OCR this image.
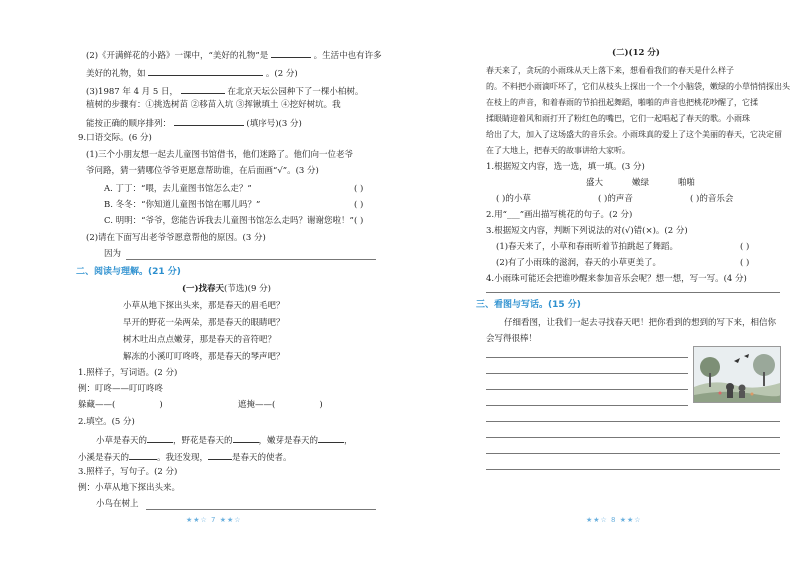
(2)《开满鲜花的小路》一课中，“美好的礼物”是	。生活中也有许多
美好的礼物，如	。(2 分)
(3)1987 年 4 月 5 日，	在北京天坛公园种下了一棵小柏树。
植树的步骤有：①挑选树苗 ②移苗入坑 ③挥锹填土 ④挖好树坑。我
能按正确的顺序排列：	(填序号)(3 分)
9.口语交际。(6 分)
(1)三个小朋友想一起去儿童图书馆借书，他们迷路了。他们向一位老爷
爷问路，猜一猜哪位爷爷更愿意帮助谁，在后面画“√”。(3 分)
A. 丁丁：“喂，去儿童图书馆怎么走？”	( )
B. 冬冬：“你知道儿童图书馆在哪儿吗？”	( )
C. 明明：“爷爷，您能告诉我去儿童图书馆怎么走吗？谢谢您啦！” ( )
(2)请在下面写出老爷爷愿意帮他的原因。(3 分)
因为
二、阅读与理解。(21 分)
(一)找春天(节选)(9 分)
小草从地下探出头来，那是春天的眉毛吧？
早开的野花一朵两朵，那是春天的眼睛吧？
树木吐出点点嫩芽，那是春天的音符吧？
解冻的小溪叮叮咚咚，那是春天的琴声吧？
1.照样子，写词语。(2 分)
例：叮咚——叮叮咚咚
躲藏——(	)	遮掩——(	)
2.填空。(5 分)
小草是春天的	，野花是春天的	，嫩芽是春天的	，
小溪是春天的	。我还发现，	是春天的使者。
3.照样子，写句子。(2 分)
例：小草从地下探出头来。
小鸟在树上
★★☆ 7 ★★☆
(二)(12 分)
春天来了，贪玩的小雨珠从天上落下来，想看看我们的春天是什么样子
的。不料把小雨滴吓坏了，它们从枝头上探出一个一个小脑袋，嫩绿的小草悄悄探出头
在枝上的声音，和着春雨的节拍扭起舞蹈，啪啪的声音也把桃花吵醒了，它揉
揉眼睛迎着风和雨打开了粉红色的嘴巴，它们一起唱起了春天的歌。小雨珠
给出了大，加入了这场盛大的音乐会。小雨珠真的爱上了这个美丽的春天，它决定留
在了大地上，把春天的故事讲给大家听。
1.根据短文内容，选一选，填一填。(3 分)
盛大	嫩绿	啪啪
( )的小草	( )的声音	( )的音乐会
2.用“___”画出描写桃花的句子。(2 分)
3.根据短文内容，判断下列说法的对(√)错(×)。(2 分)
(1)春天来了，小草和春雨听着节拍跳起了舞蹈。	( )
(2)有了小雨珠的滋润，春天的小草更美了。	( )
4.小雨珠可能还会把谁吵醒来参加音乐会呢？想一想，写一写。(4 分)
三、看图与写话。(15 分)
仔细看图，让我们一起去寻找春天吧！把你看到的想到的写下来，相信你
会写得很棒！
★★☆ 8 ★★☆
